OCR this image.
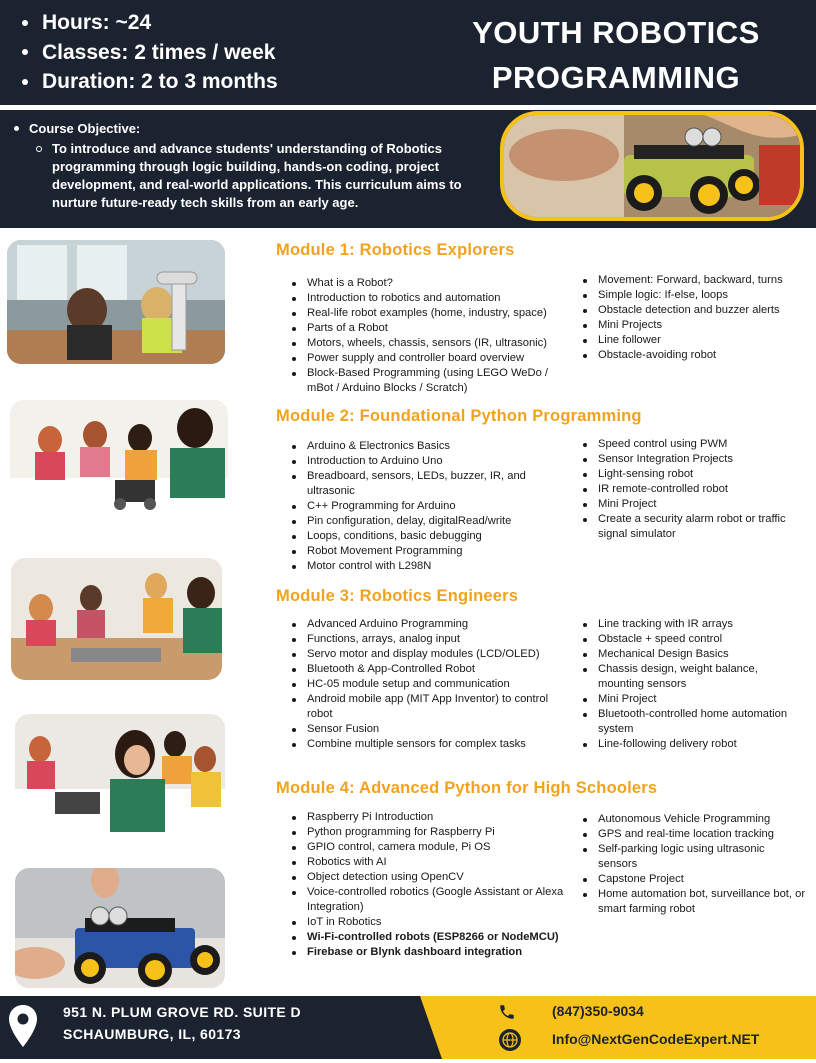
Hours: ~24
Classes: 2 times / week
Duration: 2 to 3 months
YOUTH ROBOTICS
PROGRAMMING
Course Objective:
To introduce and advance students' understanding of Robotics programming through logic building, hands-on coding, project development, and real-world applications. This curriculum aims to nurture future-ready tech skills from an early age.
Module 1: Robotics Explorers
What is a Robot?
Introduction to robotics and automation
Real-life robot examples (home, industry, space)
Parts of a Robot
Motors, wheels, chassis, sensors (IR, ultrasonic)
Power supply and controller board overview
Block-Based Programming (using LEGO WeDo / mBot / Arduino Blocks / Scratch)
Movement: Forward, backward, turns
Simple logic: If-else, loops
Obstacle detection and buzzer alerts
Mini Projects
Line follower
Obstacle-avoiding robot
Module 2: Foundational Python Programming
Arduino & Electronics Basics
Introduction to Arduino Uno
Breadboard, sensors, LEDs, buzzer, IR, and ultrasonic
C++ Programming for Arduino
Pin configuration, delay, digitalRead/write
Loops, conditions, basic debugging
Robot Movement Programming
Motor control with L298N
Speed control using PWM
Sensor Integration Projects
Light-sensing robot
IR remote-controlled robot
Mini Project
Create a security alarm robot or traffic signal simulator
Module 3: Robotics Engineers
Advanced Arduino Programming
Functions, arrays, analog input
Servo motor and display modules (LCD/OLED)
Bluetooth & App-Controlled Robot
HC-05 module setup and communication
Android mobile app (MIT App Inventor) to control robot
Sensor Fusion
Combine multiple sensors for complex tasks
Line tracking with IR arrays
Obstacle + speed control
Mechanical Design Basics
Chassis design, weight balance, mounting sensors
Mini Project
Bluetooth-controlled home automation system
Line-following delivery robot
Module 4: Advanced Python for High Schoolers
Raspberry Pi Introduction
Python programming for Raspberry Pi
GPIO control, camera module, Pi OS
Robotics with AI
Object detection using OpenCV
Voice-controlled robotics (Google Assistant or Alexa Integration)
IoT in Robotics
Wi-Fi-controlled robots (ESP8266 or NodeMCU)
Firebase or Blynk dashboard integration
Autonomous Vehicle Programming
GPS and real-time location tracking
Self-parking logic using ultrasonic sensors
Capstone Project
Home automation bot, surveillance bot, or smart farming robot
951 N. PLUM GROVE RD. SUITE D
SCHAUMBURG, IL, 60173
(847)350-9034
Info@NextGenCodeExpert.NET
